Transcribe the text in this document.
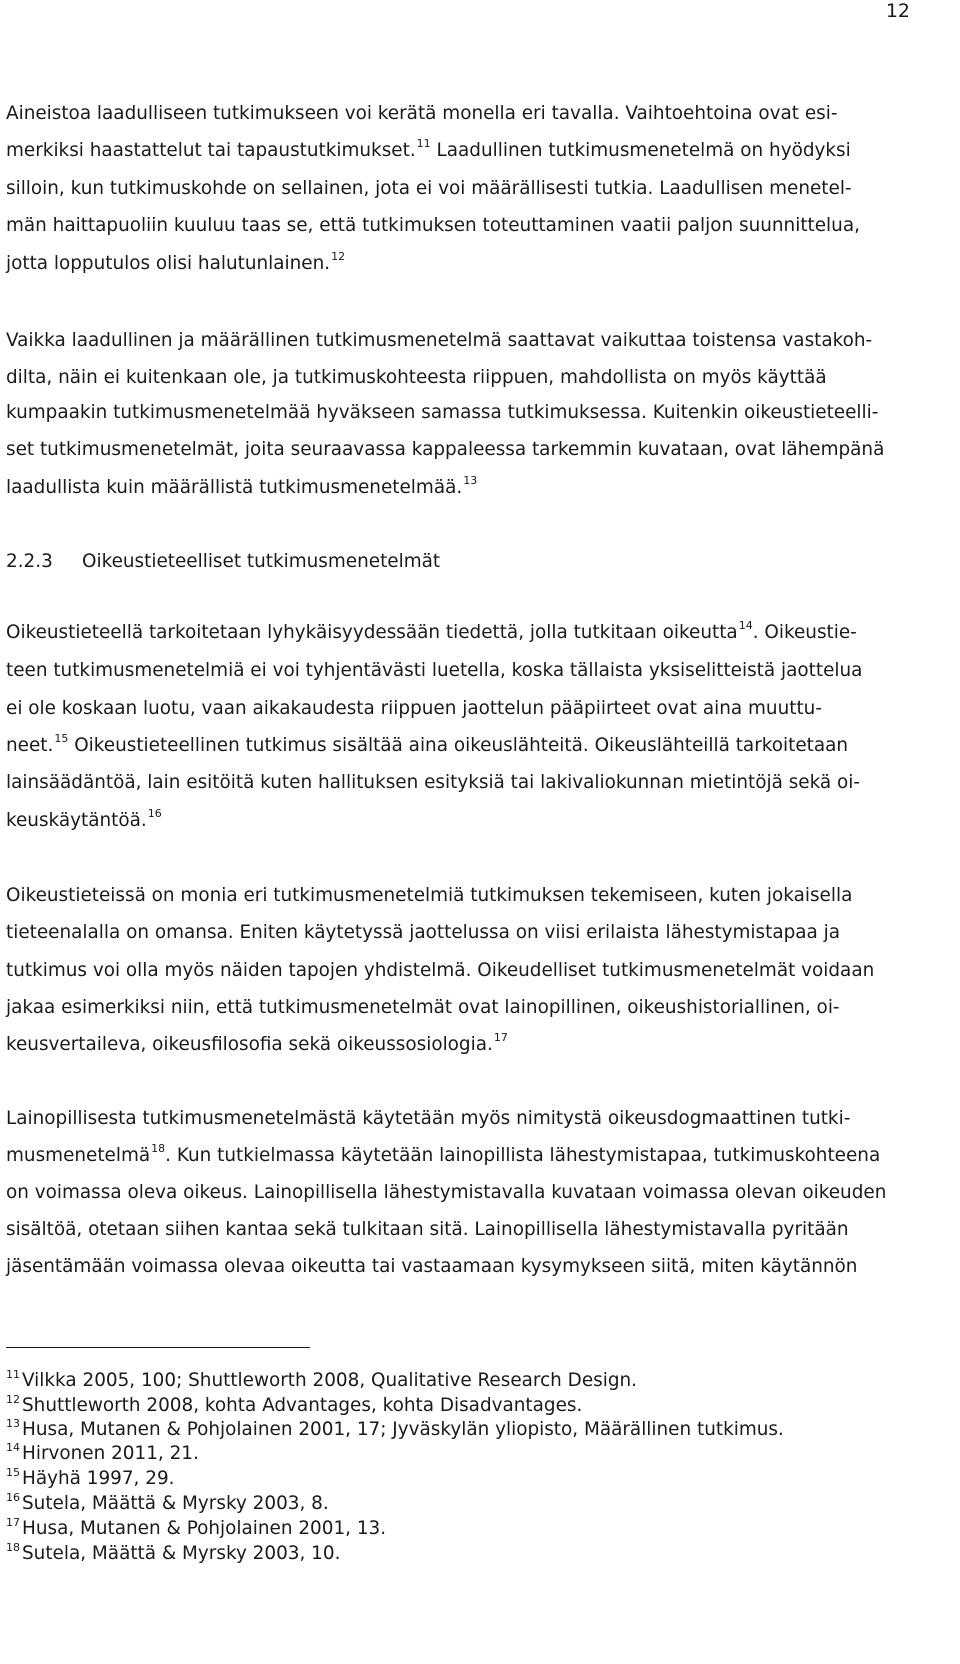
12
Aineistoa laadulliseen tutkimukseen voi kerätä monella eri tavalla. Vaihtoehtoina ovat esi-
merkiksi haastattelut tai tapaustutkimukset.$^{11}$ Laadullinen tutkimusmenetelmä on hyödyksi
silloin, kun tutkimuskohde on sellainen, jota ei voi määrällisesti tutkia. Laadullisen menetel-
män haittapuoliin kuuluu taas se, että tutkimuksen toteuttaminen vaatii paljon suunnittelua,
jotta lopputulos olisi halutunlainen.$^{12}$
Vaikka laadullinen ja määrällinen tutkimusmenetelmä saattavat vaikuttaa toistensa vastakoh-
dilta, näin ei kuitenkaan ole, ja tutkimuskohteesta riippuen, mahdollista on myös käyttää
kumpaakin tutkimusmenetelmää hyväkseen samassa tutkimuksessa. Kuitenkin oikeustieteelli-
set tutkimusmenetelmät, joita seuraavassa kappaleessa tarkemmin kuvataan, ovat lähempänä
laadullista kuin määrällistä tutkimusmenetelmää.$^{13}$
Oikeustieteellä tarkoitetaan lyhykäisyydessään tiedettä, jolla tutkitaan oikeutta$^{14}$. Oikeustie-
teen tutkimusmenetelmiä ei voi tyhjentävästi luetella, koska tällaista yksiselitteistä jaottelua
ei ole koskaan luotu, vaan aikakaudesta riippuen jaottelun pääpiirteet ovat aina muuttu-
neet.$^{15}$ Oikeustieteellinen tutkimus sisältää aina oikeuslähteitä. Oikeuslähteillä tarkoitetaan
lainsäädäntöä, lain esitöitä kuten hallituksen esityksiä tai lakivaliokunnan mietintöjä sekä oi-
keuskäytäntöä.$^{16}$
Oikeustieteissä on monia eri tutkimusmenetelmiä tutkimuksen tekemiseen, kuten jokaisella
tieteenalalla on omansa. Eniten käytetyssä jaottelussa on viisi erilaista lähestymistapaa ja
tutkimus voi olla myös näiden tapojen yhdistelmä. Oikeudelliset tutkimusmenetelmät voidaan
jakaa esimerkiksi niin, että tutkimusmenetelmät ovat lainopillinen, oikeushistoriallinen, oi-
keusvertaileva, oikeusfilosofia sekä oikeussosiologia.$^{17}$
Lainopillisesta tutkimusmenetelmästä käytetään myös nimitystä oikeusdogmaattinen tutki-
musmenetelmä$^{18}$. Kun tutkielmassa käytetään lainopillista lähestymistapaa, tutkimuskohteena
on voimassa oleva oikeus. Lainopillisella lähestymistavalla kuvataan voimassa olevan oikeuden
sisältöä, otetaan siihen kantaa sekä tulkitaan sitä. Lainopillisella lähestymistavalla pyritään
jäsentämään voimassa olevaa oikeutta tai vastaamaan kysymykseen siitä, miten käytännön
2.2.3 Oikeustieteelliset tutkimusmenetelmät
$^{11}$ Vilkka 2005, 100; Shuttleworth 2008, Qualitative Research Design.
$^{12}$ Shuttleworth 2008, kohta Advantages, kohta Disadvantages.
$^{13}$ Husa, Mutanen & Pohjolainen 2001, 17; Jyväskylän yliopisto, Määrällinen tutkimus.
$^{14}$ Hirvonen 2011, 21.
$^{15}$ Häyhä 1997, 29.
$^{16}$ Sutela, Määttä & Myrsky 2003, 8.
$^{17}$ Husa, Mutanen & Pohjolainen 2001, 13.
$^{18}$ Sutela, Määttä & Myrsky 2003, 10.
